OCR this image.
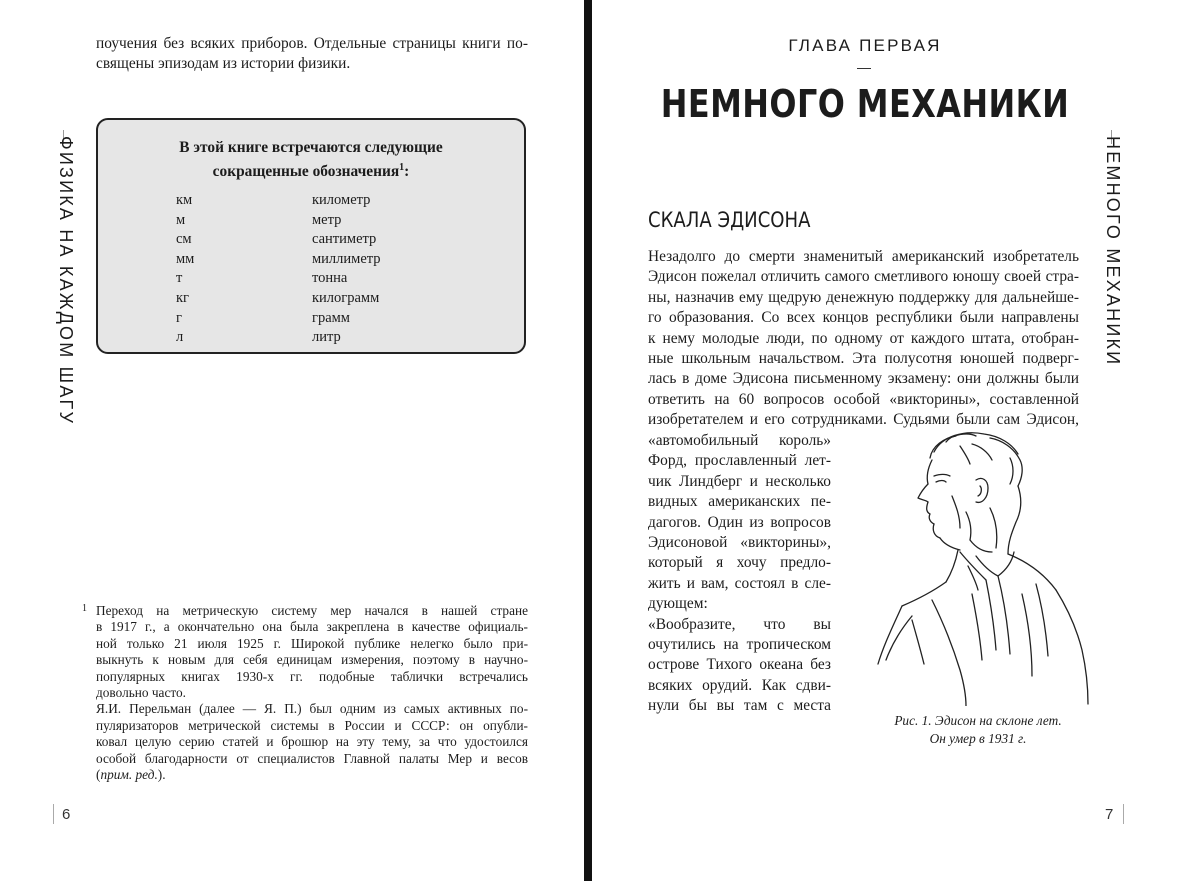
поучения без всяких приборов. Отдельные страницы книги по-
священы эпизодам из истории физики.
ФИЗИКА НА КАЖДОМ ШАГУ	В этой книге встречаются следующие
сокращенные обозначения$^1$:
км	километр
м	метр
см	сантиметр
мм	миллиметр
т	тонна
кг	килограмм
г	грамм
л	литр
1 Переход на метрическую систему мер начался в нашей стране
в 1917 г., а окончательно она была закреплена в качестве официаль-
ной только 21 июля 1925 г. Широкой публике нелегко было при-
выкнуть к новым для себя единицам измерения, поэтому в научно-
популярных книгах 1930-х гг. подобные таблички встречались
довольно часто.
Я.И. Перельман (далее — Я. П.) был одним из самых активных по-
пуляризаторов метрической системы в России и СССР: он опубли-
ковал целую серию статей и брошюр на эту тему, за что удостоился
особой благодарности от специалистов Главной палаты Мер и весов
(прим. ред.).
6
ГЛАВА ПЕРВАЯ
НЕМНОГО МЕХАНИКИ
НЕМНОГО МЕХАНИКИ
СКАЛА ЭДИСОНА
Незадолго до смерти знаменитый американский изобретатель
Эдисон пожелал отличить самого сметливого юношу своей стра-
ны, назначив ему щедрую денежную поддержку для дальнейше-
го образования. Со всех концов республики были направлены
к нему молодые люди, по одному от каждого штата, отобран-
ные школьным начальством. Эта полусотня юношей подверг-
лась в доме Эдисона письменному экзамену: они должны были
ответить на 60 вопросов особой «викторины», составленной
изобретателем и его сотрудниками. Судьями были сам Эдисон,
«автомобильный король»
Форд, прославленный лет-
чик Линдберг и несколько
видных американских пе-
дагогов. Один из вопросов
Эдисоновой «викторины»,
который я хочу предло-
жить и вам, состоял в сле-
дующем:
«Вообразите, что вы
очутились на тропическом
острове Тихого океана без
всяких орудий. Как сдви-
нули бы вы там с места
Рис. 1. Эдисон на склоне лет.
Он умер в 1931 г.
7
